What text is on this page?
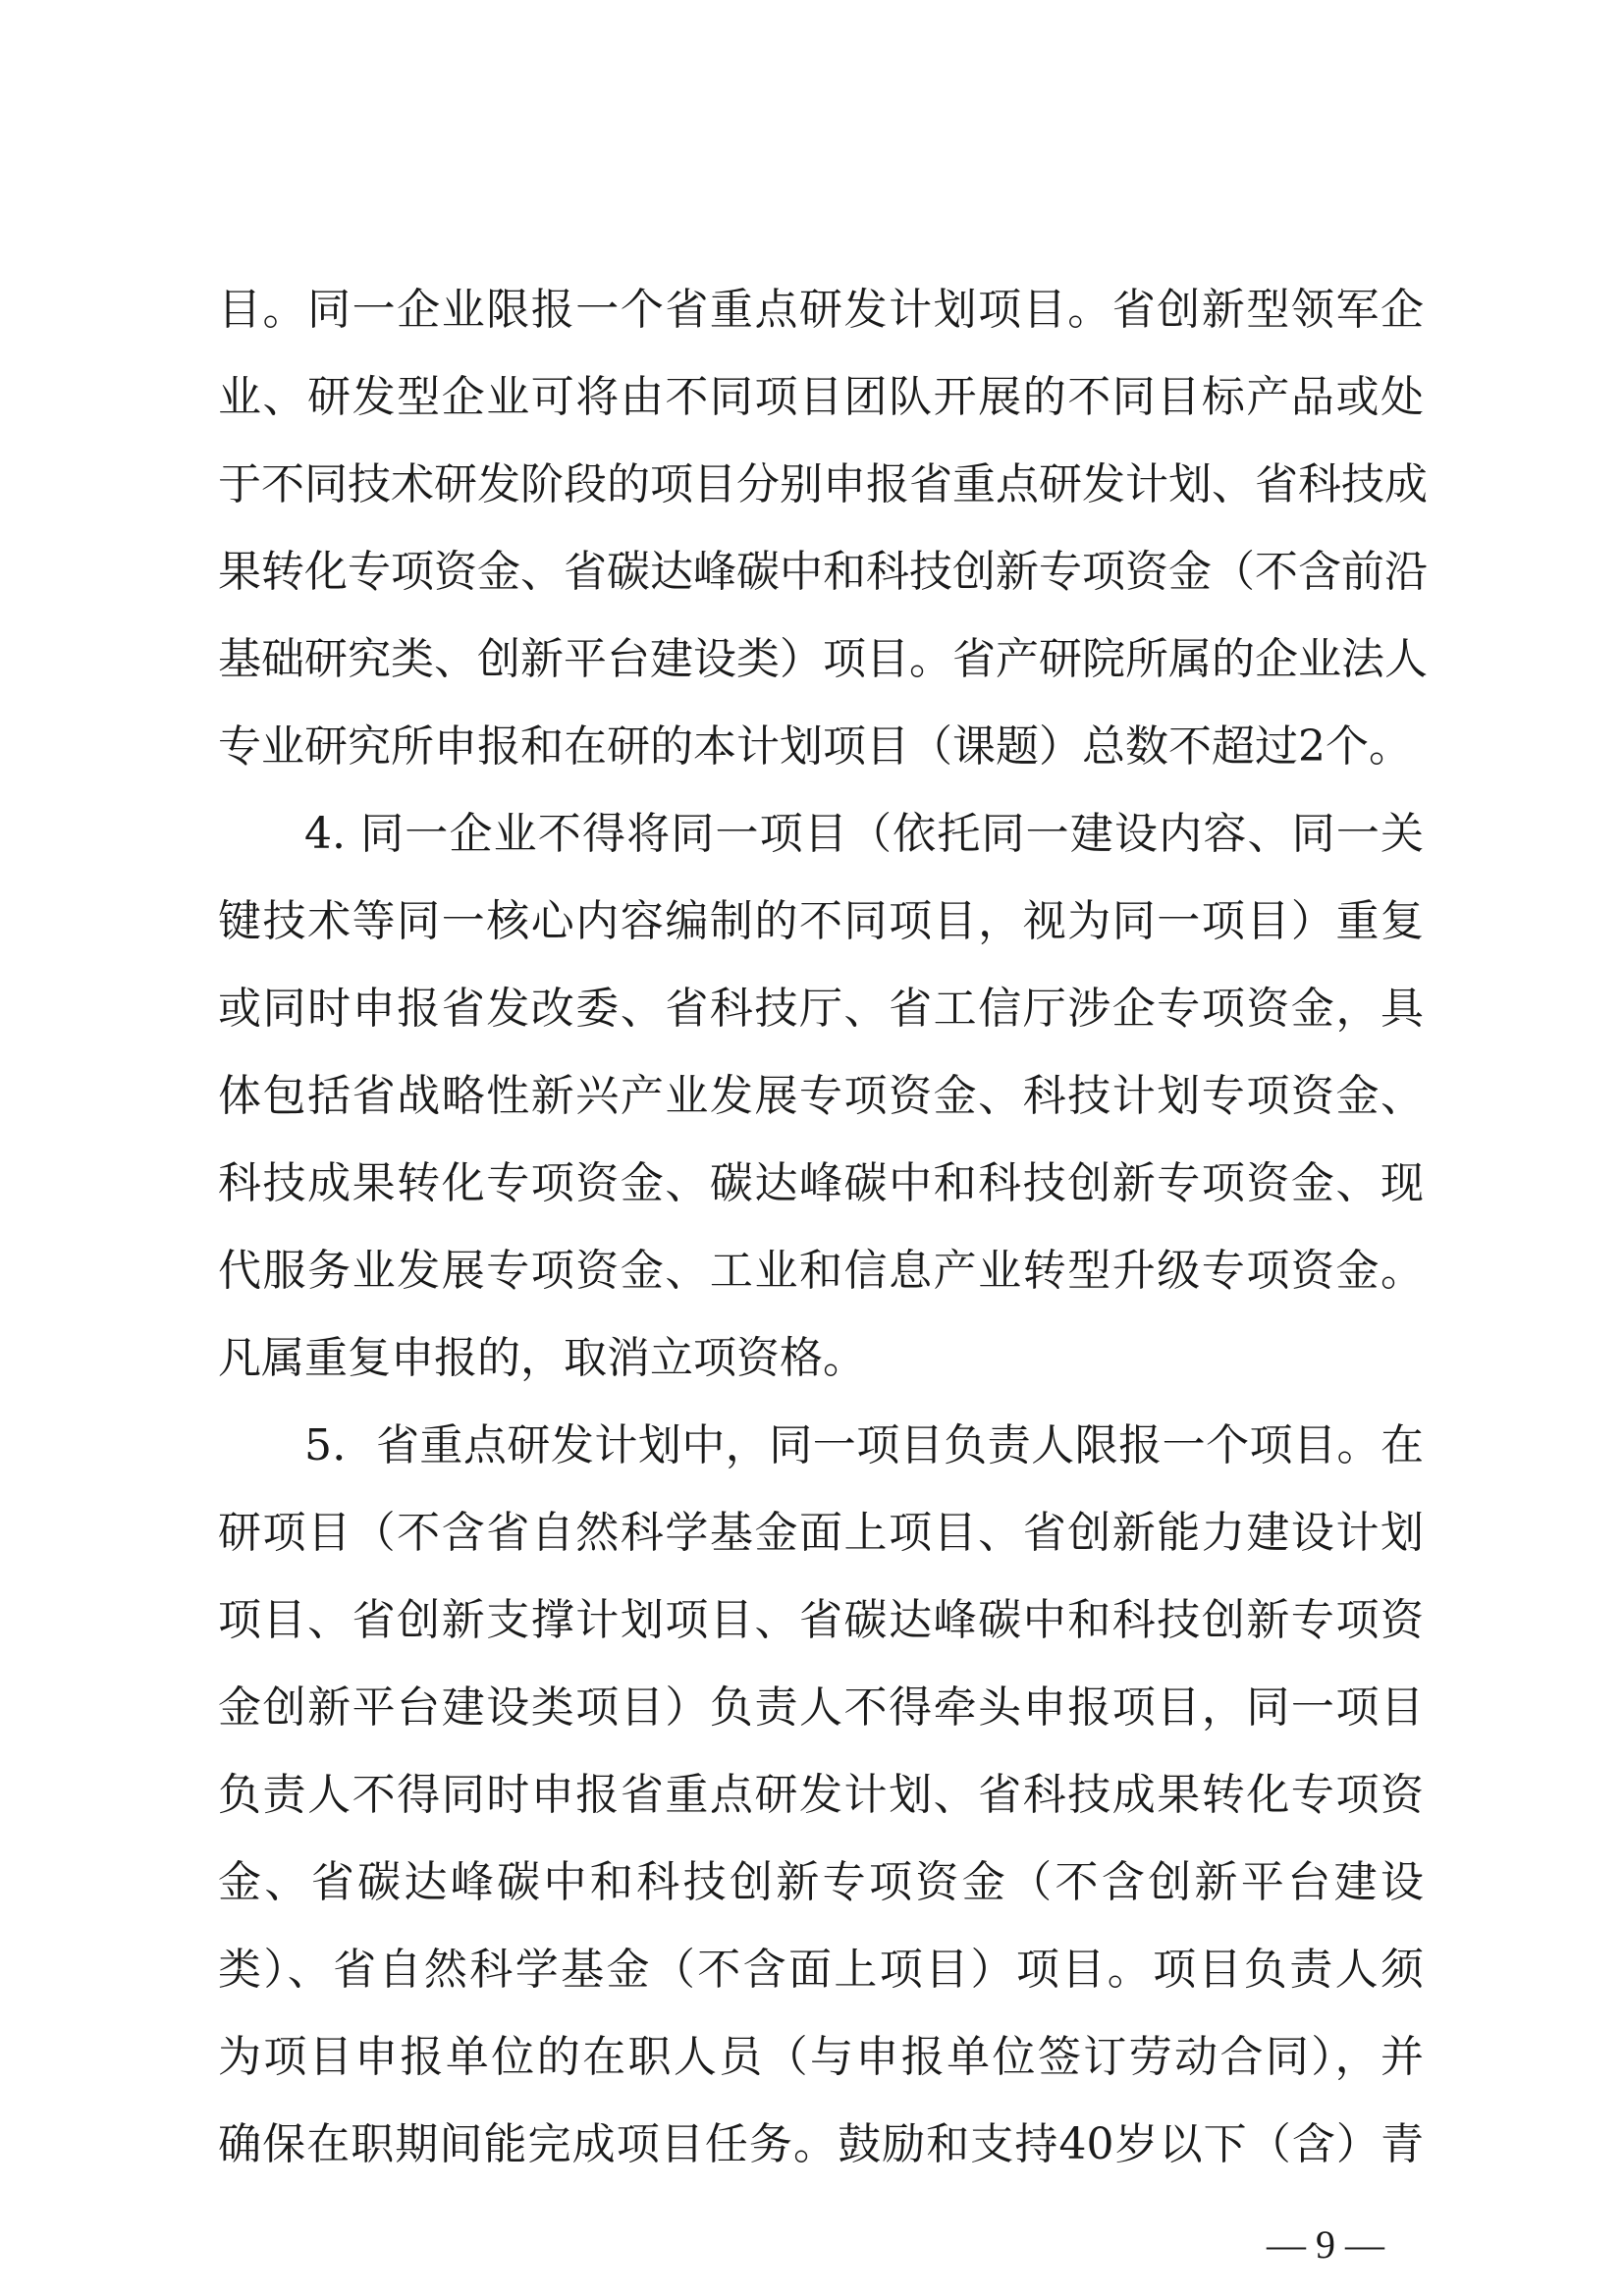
目。同一企业限报一个省重点研发计划项目。省创新型领军企
业、研发型企业可将由不同项目团队开展的不同目标产品或处
于不同技术研发阶段的项目分别申报省重点研发计划、省科技成
果转化专项资金、省碳达峰碳中和科技创新专项资金（不含前沿
基础研究类、创新平台建设类）项目。省产研院所属的企业法人
专业研究所申报和在研的本计划项目（课题）总数不超过2个。
4. 同一企业不得将同一项目（依托同一建设内容、同一关
键技术等同一核心内容编制的不同项目，视为同一项目）重复
或同时申报省发改委、省科技厅、省工信厅涉企专项资金，具
体包括省战略性新兴产业发展专项资金、科技计划专项资金、
科技成果转化专项资金、碳达峰碳中和科技创新专项资金、现
代服务业发展专项资金、工业和信息产业转型升级专项资金。
凡属重复申报的，取消立项资格。
5．省重点研发计划中，同一项目负责人限报一个项目。在
研项目（不含省自然科学基金面上项目、省创新能力建设计划
项目、省创新支撑计划项目、省碳达峰碳中和科技创新专项资
金创新平台建设类项目）负责人不得牵头申报项目，同一项目
负责人不得同时申报省重点研发计划、省科技成果转化专项资
金、省碳达峰碳中和科技创新专项资金（不含创新平台建设
类）、省自然科学基金（不含面上项目）项目。项目负责人须
为项目申报单位的在职人员（与申报单位签订劳动合同），并
确保在职期间能完成项目任务。鼓励和支持40岁以下（含）青
— 9 —
